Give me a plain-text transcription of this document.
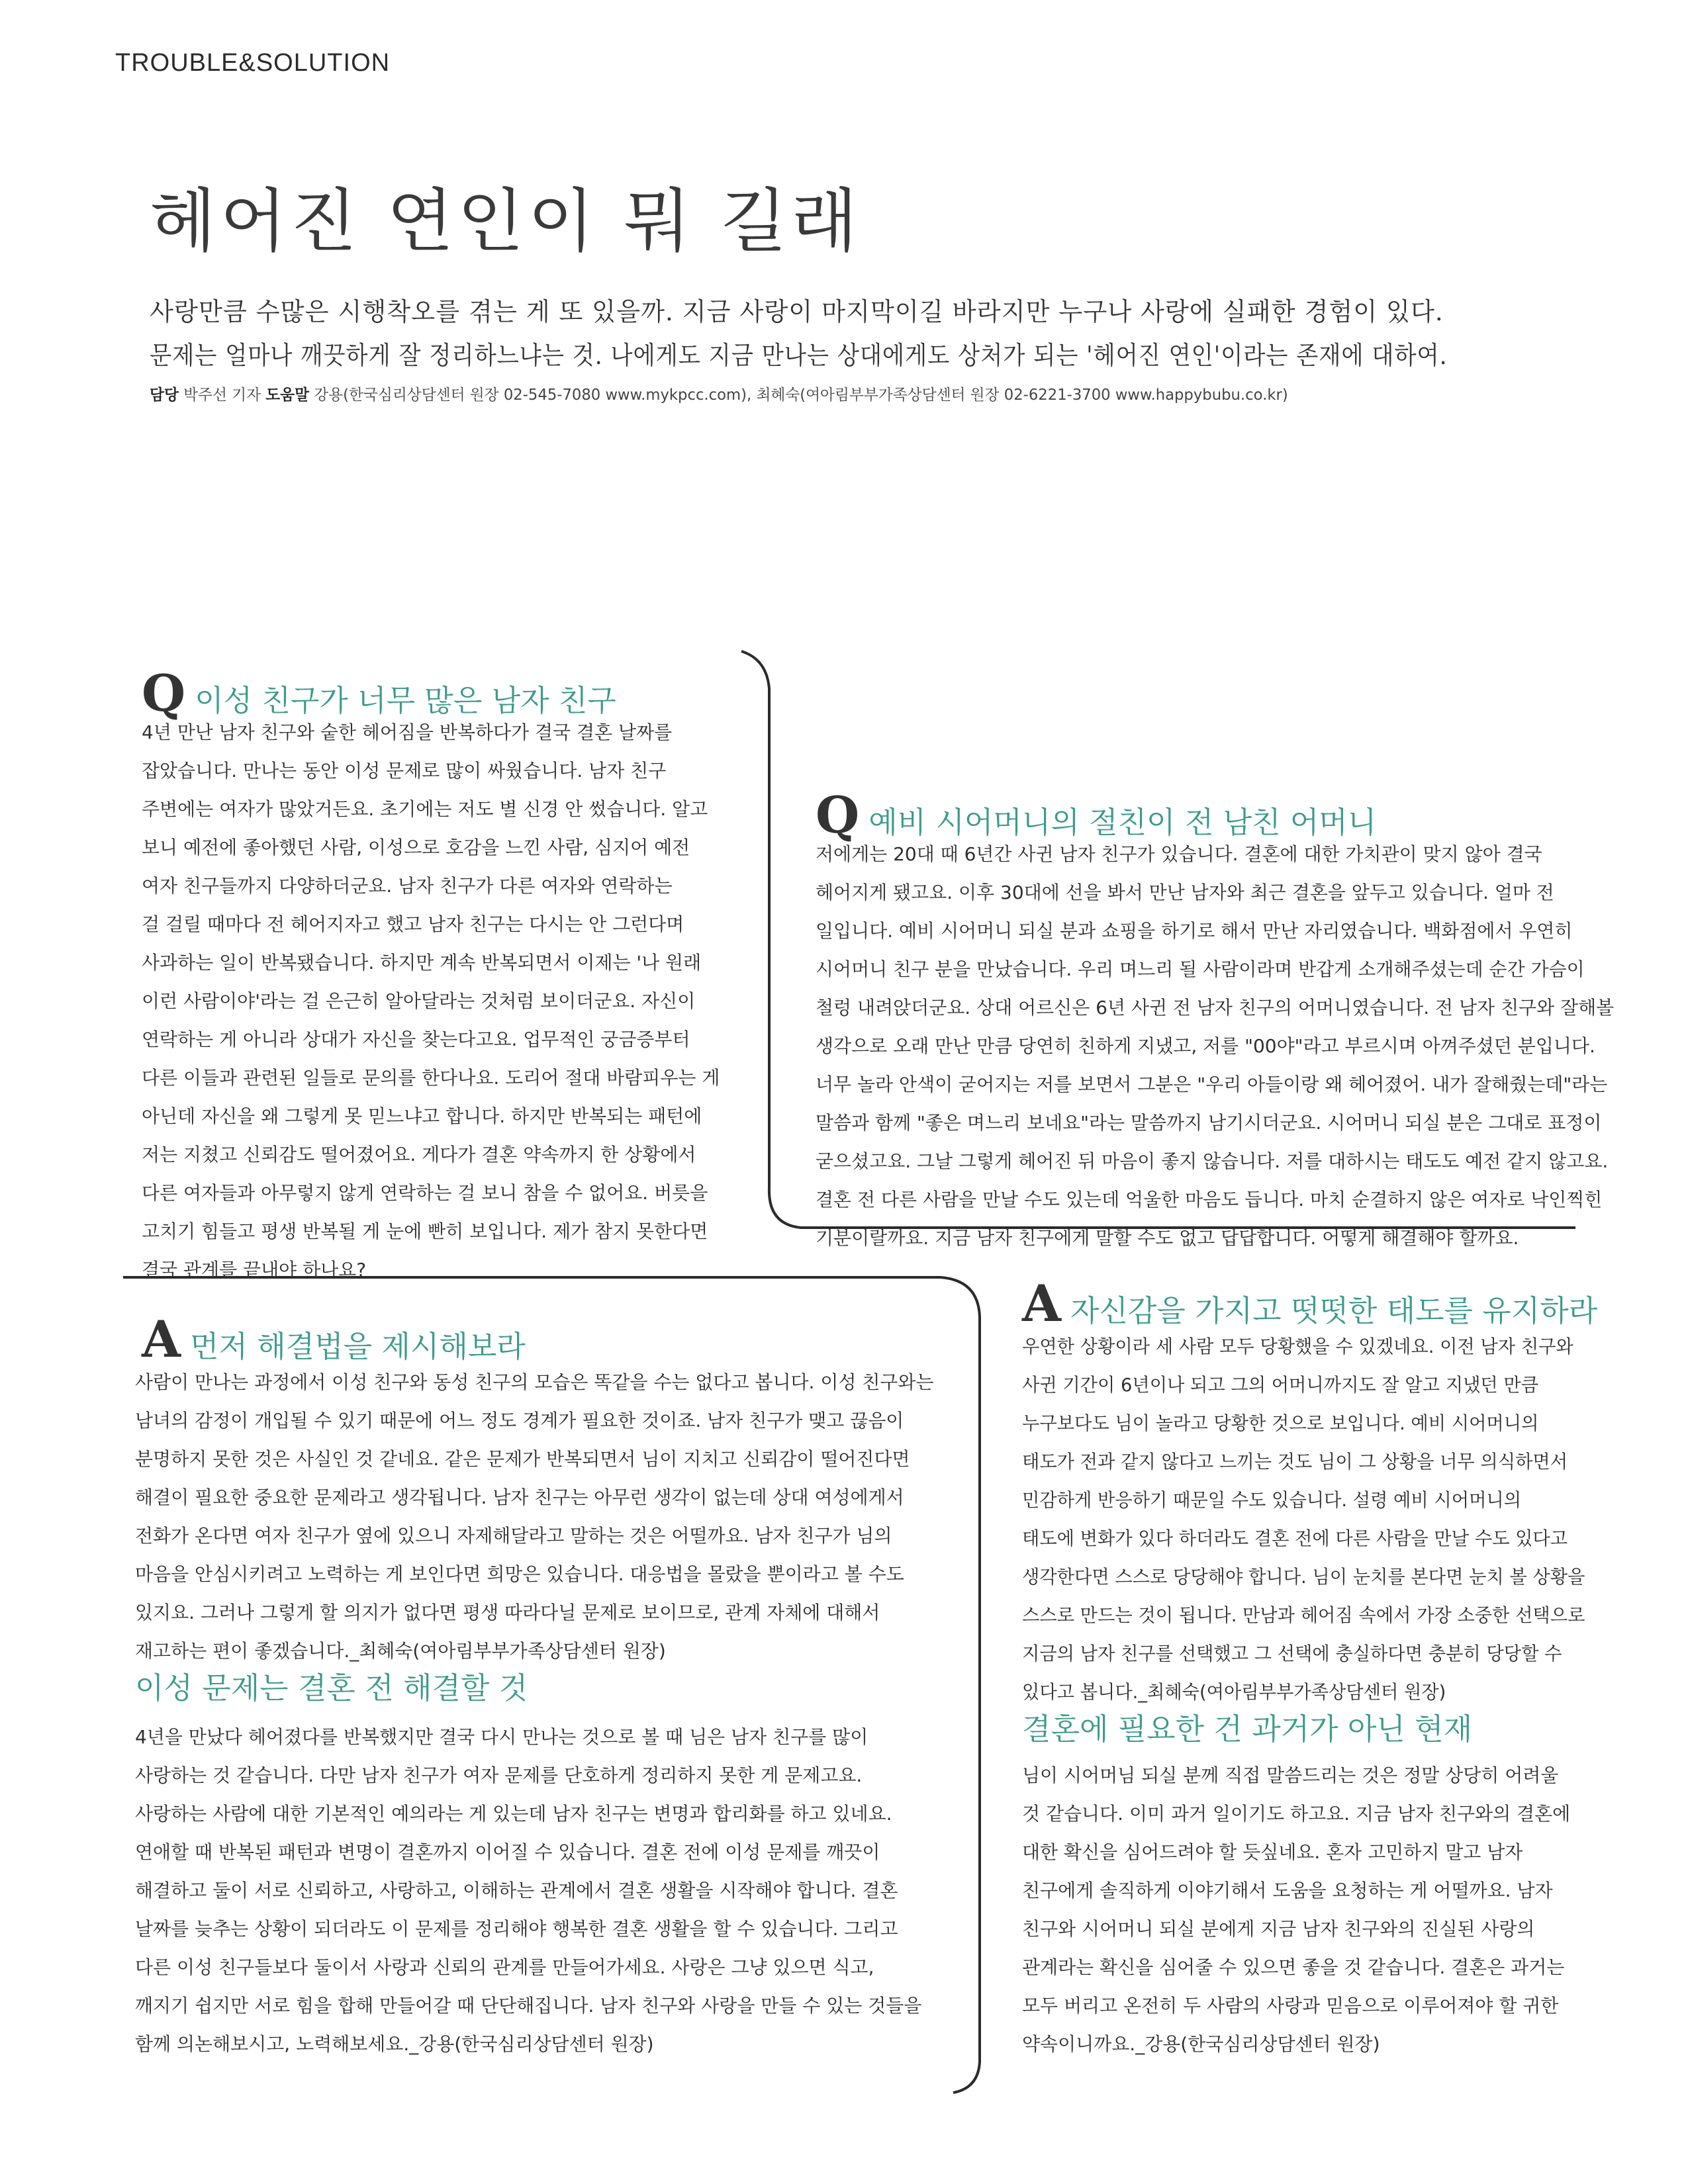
TROUBLE&SOLUTION
헤어진 연인이 뭐 길래
사랑만큼 수많은 시행착오를 겪는 게 또 있을까. 지금 사랑이 마지막이길 바라지만 누구나 사랑에 실패한 경험이 있다.
문제는 얼마나 깨끗하게 잘 정리하느냐는 것. 나에게도 지금 만나는 상대에게도 상처가 되는 '헤어진 연인'이라는 존재에 대하여.
담당 박주선 기자 도움말 강용(한국심리상담센터 원장 02-545-7080 www.mykpcc.com), 최혜숙(여아림부부가족상담센터 원장 02-6221-3700 www.happybubu.co.kr)
Q이성 친구가 너무 많은 남자 친구
4년 만난 남자 친구와 숱한 헤어짐을 반복하다가 결국 결혼 날짜를
잡았습니다. 만나는 동안 이성 문제로 많이 싸웠습니다. 남자 친구
주변에는 여자가 많았거든요. 초기에는 저도 별 신경 안 썼습니다. 알고
보니 예전에 좋아했던 사람, 이성으로 호감을 느낀 사람, 심지어 예전
여자 친구들까지 다양하더군요. 남자 친구가 다른 여자와 연락하는
걸 걸릴 때마다 전 헤어지자고 했고 남자 친구는 다시는 안 그런다며
사과하는 일이 반복됐습니다. 하지만 계속 반복되면서 이제는 '나 원래
이런 사람이야'라는 걸 은근히 알아달라는 것처럼 보이더군요. 자신이
연락하는 게 아니라 상대가 자신을 찾는다고요. 업무적인 궁금증부터
다른 이들과 관련된 일들로 문의를 한다나요. 도리어 절대 바람피우는 게
아닌데 자신을 왜 그렇게 못 믿느냐고 합니다. 하지만 반복되는 패턴에
저는 지쳤고 신뢰감도 떨어졌어요. 게다가 결혼 약속까지 한 상황에서
다른 여자들과 아무렇지 않게 연락하는 걸 보니 참을 수 없어요. 버릇을
고치기 힘들고 평생 반복될 게 눈에 빤히 보입니다. 제가 참지 못한다면
결국 관계를 끝내야 하나요?
A먼저 해결법을 제시해보라
사람이 만나는 과정에서 이성 친구와 동성 친구의 모습은 똑같을 수는 없다고 봅니다. 이성 친구와는
남녀의 감정이 개입될 수 있기 때문에 어느 정도 경계가 필요한 것이죠. 남자 친구가 맺고 끊음이
분명하지 못한 것은 사실인 것 같네요. 같은 문제가 반복되면서 님이 지치고 신뢰감이 떨어진다면
해결이 필요한 중요한 문제라고 생각됩니다. 남자 친구는 아무런 생각이 없는데 상대 여성에게서
전화가 온다면 여자 친구가 옆에 있으니 자제해달라고 말하는 것은 어떨까요. 남자 친구가 님의
마음을 안심시키려고 노력하는 게 보인다면 희망은 있습니다. 대응법을 몰랐을 뿐이라고 볼 수도
있지요. 그러나 그렇게 할 의지가 없다면 평생 따라다닐 문제로 보이므로, 관계 자체에 대해서
재고하는 편이 좋겠습니다._최혜숙(여아림부부가족상담센터 원장)
이성 문제는 결혼 전 해결할 것
4년을 만났다 헤어졌다를 반복했지만 결국 다시 만나는 것으로 볼 때 님은 남자 친구를 많이
사랑하는 것 같습니다. 다만 남자 친구가 여자 문제를 단호하게 정리하지 못한 게 문제고요.
사랑하는 사람에 대한 기본적인 예의라는 게 있는데 남자 친구는 변명과 합리화를 하고 있네요.
연애할 때 반복된 패턴과 변명이 결혼까지 이어질 수 있습니다. 결혼 전에 이성 문제를 깨끗이
해결하고 둘이 서로 신뢰하고, 사랑하고, 이해하는 관계에서 결혼 생활을 시작해야 합니다. 결혼
날짜를 늦추는 상황이 되더라도 이 문제를 정리해야 행복한 결혼 생활을 할 수 있습니다. 그리고
다른 이성 친구들보다 둘이서 사랑과 신뢰의 관계를 만들어가세요. 사랑은 그냥 있으면 식고,
깨지기 쉽지만 서로 힘을 합해 만들어갈 때 단단해집니다. 남자 친구와 사랑을 만들 수 있는 것들을
함께 의논해보시고, 노력해보세요._강용(한국심리상담센터 원장)
Q예비 시어머니의 절친이 전 남친 어머니
저에게는 20대 때 6년간 사귄 남자 친구가 있습니다. 결혼에 대한 가치관이 맞지 않아 결국
헤어지게 됐고요. 이후 30대에 선을 봐서 만난 남자와 최근 결혼을 앞두고 있습니다. 얼마 전
일입니다. 예비 시어머니 되실 분과 쇼핑을 하기로 해서 만난 자리였습니다. 백화점에서 우연히
시어머니 친구 분을 만났습니다. 우리 며느리 될 사람이라며 반갑게 소개해주셨는데 순간 가슴이
철렁 내려앉더군요. 상대 어르신은 6년 사귄 전 남자 친구의 어머니였습니다. 전 남자 친구와 잘해볼
생각으로 오래 만난 만큼 당연히 친하게 지냈고, 저를 "00야"라고 부르시며 아껴주셨던 분입니다.
너무 놀라 안색이 굳어지는 저를 보면서 그분은 "우리 아들이랑 왜 헤어졌어. 내가 잘해줬는데"라는
말씀과 함께 "좋은 며느리 보네요"라는 말씀까지 남기시더군요. 시어머니 되실 분은 그대로 표정이
굳으셨고요. 그날 그렇게 헤어진 뒤 마음이 좋지 않습니다. 저를 대하시는 태도도 예전 같지 않고요.
결혼 전 다른 사람을 만날 수도 있는데 억울한 마음도 듭니다. 마치 순결하지 않은 여자로 낙인찍힌
기분이랄까요. 지금 남자 친구에게 말할 수도 없고 답답합니다. 어떻게 해결해야 할까요.
A자신감을 가지고 떳떳한 태도를 유지하라
우연한 상황이라 세 사람 모두 당황했을 수 있겠네요. 이전 남자 친구와
사귄 기간이 6년이나 되고 그의 어머니까지도 잘 알고 지냈던 만큼
누구보다도 님이 놀라고 당황한 것으로 보입니다. 예비 시어머니의
태도가 전과 같지 않다고 느끼는 것도 님이 그 상황을 너무 의식하면서
민감하게 반응하기 때문일 수도 있습니다. 설령 예비 시어머니의
태도에 변화가 있다 하더라도 결혼 전에 다른 사람을 만날 수도 있다고
생각한다면 스스로 당당해야 합니다. 님이 눈치를 본다면 눈치 볼 상황을
스스로 만드는 것이 됩니다. 만남과 헤어짐 속에서 가장 소중한 선택으로
지금의 남자 친구를 선택했고 그 선택에 충실하다면 충분히 당당할 수
있다고 봅니다._최혜숙(여아림부부가족상담센터 원장)
결혼에 필요한 건 과거가 아닌 현재
님이 시어머님 되실 분께 직접 말씀드리는 것은 정말 상당히 어려울
것 같습니다. 이미 과거 일이기도 하고요. 지금 남자 친구와의 결혼에
대한 확신을 심어드려야 할 듯싶네요. 혼자 고민하지 말고 남자
친구에게 솔직하게 이야기해서 도움을 요청하는 게 어떨까요. 남자
친구와 시어머니 되실 분에게 지금 남자 친구와의 진실된 사랑의
관계라는 확신을 심어줄 수 있으면 좋을 것 같습니다. 결혼은 과거는
모두 버리고 온전히 두 사람의 사랑과 믿음으로 이루어져야 할 귀한
약속이니까요._강용(한국심리상담센터 원장)
